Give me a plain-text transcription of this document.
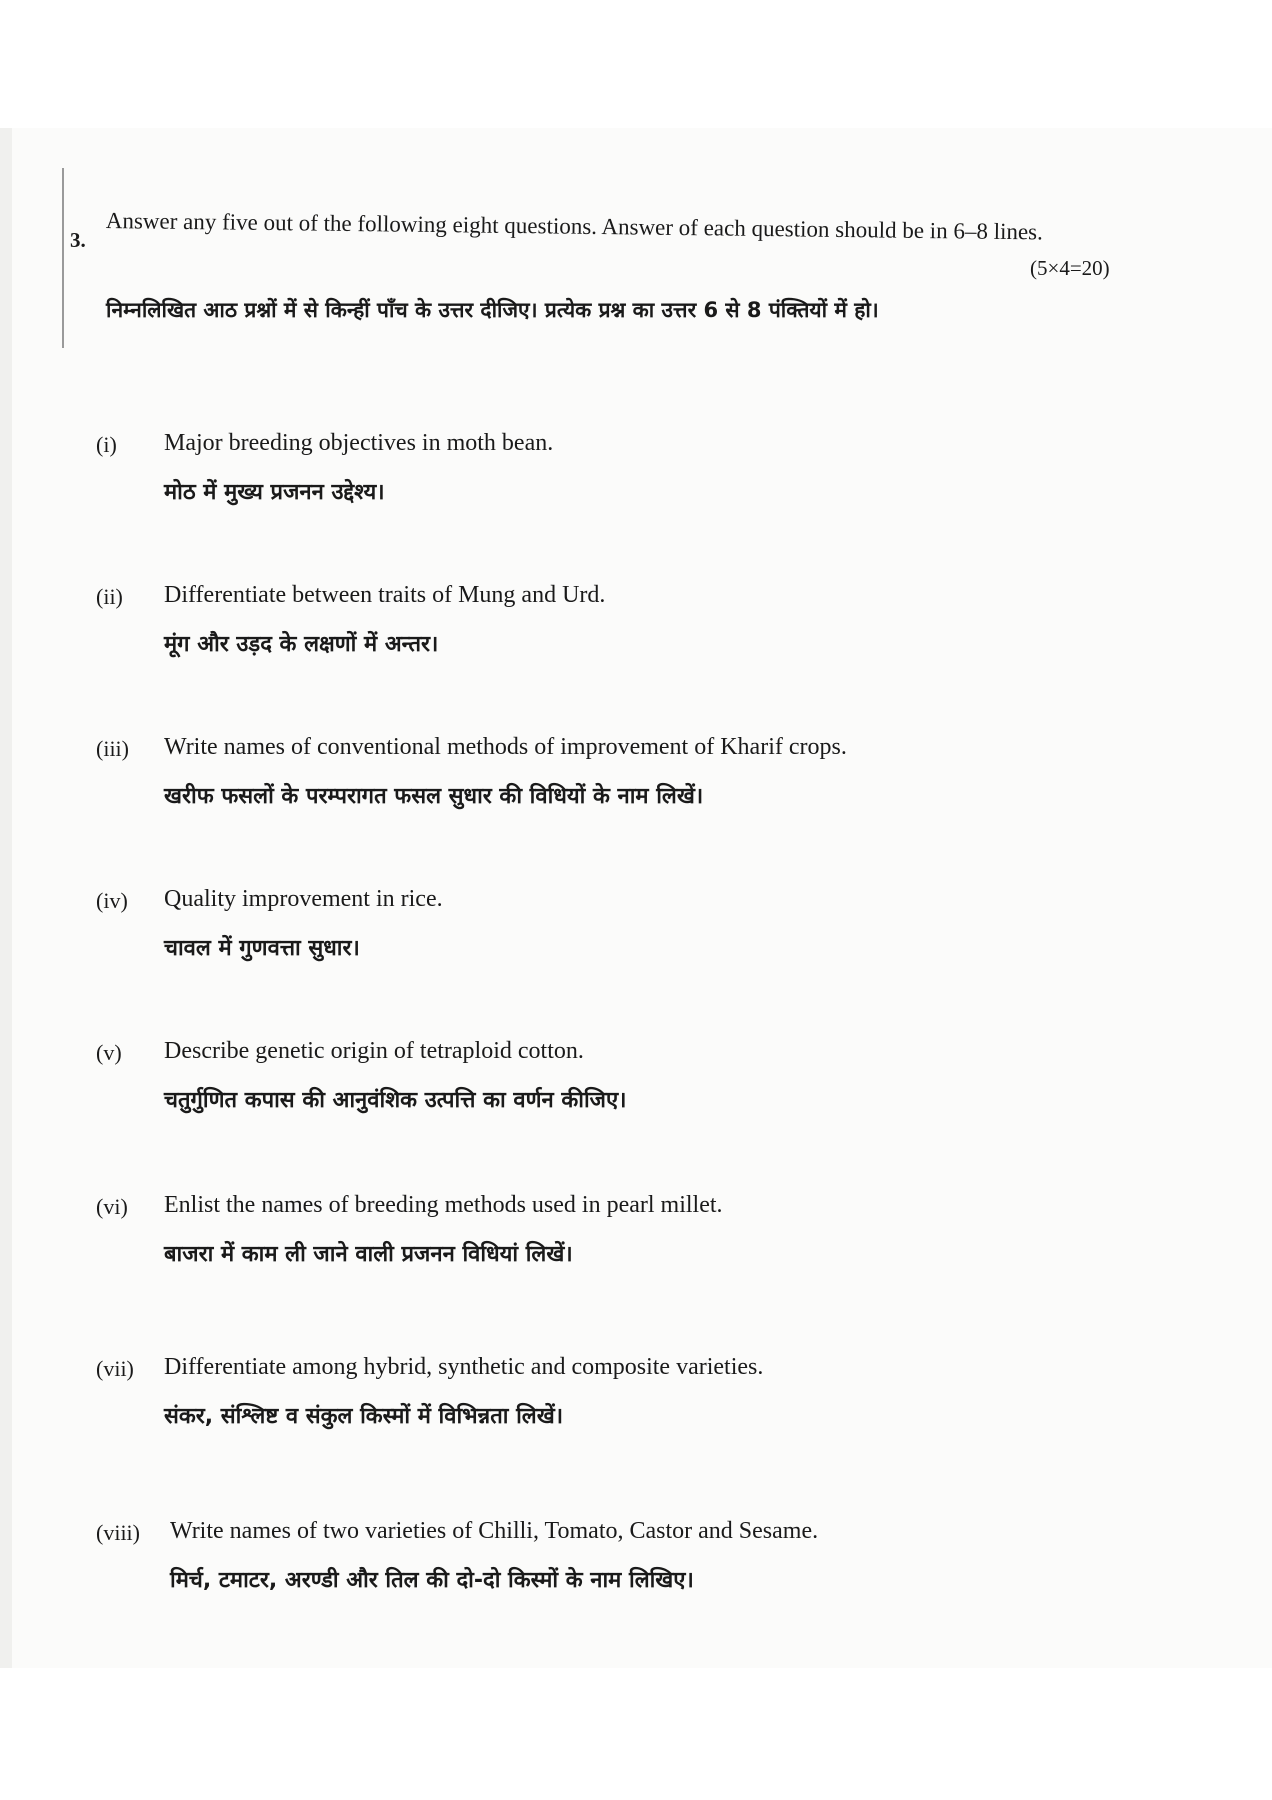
3. Answer any five out of the following eight questions. Answer of each question should be in 6–8 lines.
(5×4=20)
निम्नलिखित आठ प्रश्नों में से किन्हीं पाँच के उत्तर दीजिए। प्रत्येक प्रश्न का उत्तर 6 से 8 पंक्तियों में हो।
(i)	Major breeding objectives in moth bean.
मोठ में मुख्य प्रजनन उद्देश्य।
(ii)	Differentiate between traits of Mung and Urd.
मूंग और उड़द के लक्षणों में अन्तर।
(iii)	Write names of conventional methods of improvement of Kharif crops.
खरीफ फसलों के परम्परागत फसल सुधार की विधियों के नाम लिखें।
(iv)	Quality improvement in rice.
चावल में गुणवत्ता सुधार।
(v)	Describe genetic origin of tetraploid cotton.
चतुर्गुणित कपास की आनुवंशिक उत्पत्ति का वर्णन कीजिए।
(vi)	Enlist the names of breeding methods used in pearl millet.
बाजरा में काम ली जाने वाली प्रजनन विधियां लिखें।
(vii)	Differentiate among hybrid, synthetic and composite varieties.
संकर, संश्लिष्ट व संकुल किस्मों में विभिन्नता लिखें।
(viii)	Write names of two varieties of Chilli, Tomato, Castor and Sesame.
मिर्च, टमाटर, अरण्डी और तिल की दो-दो किस्मों के नाम लिखिए।
